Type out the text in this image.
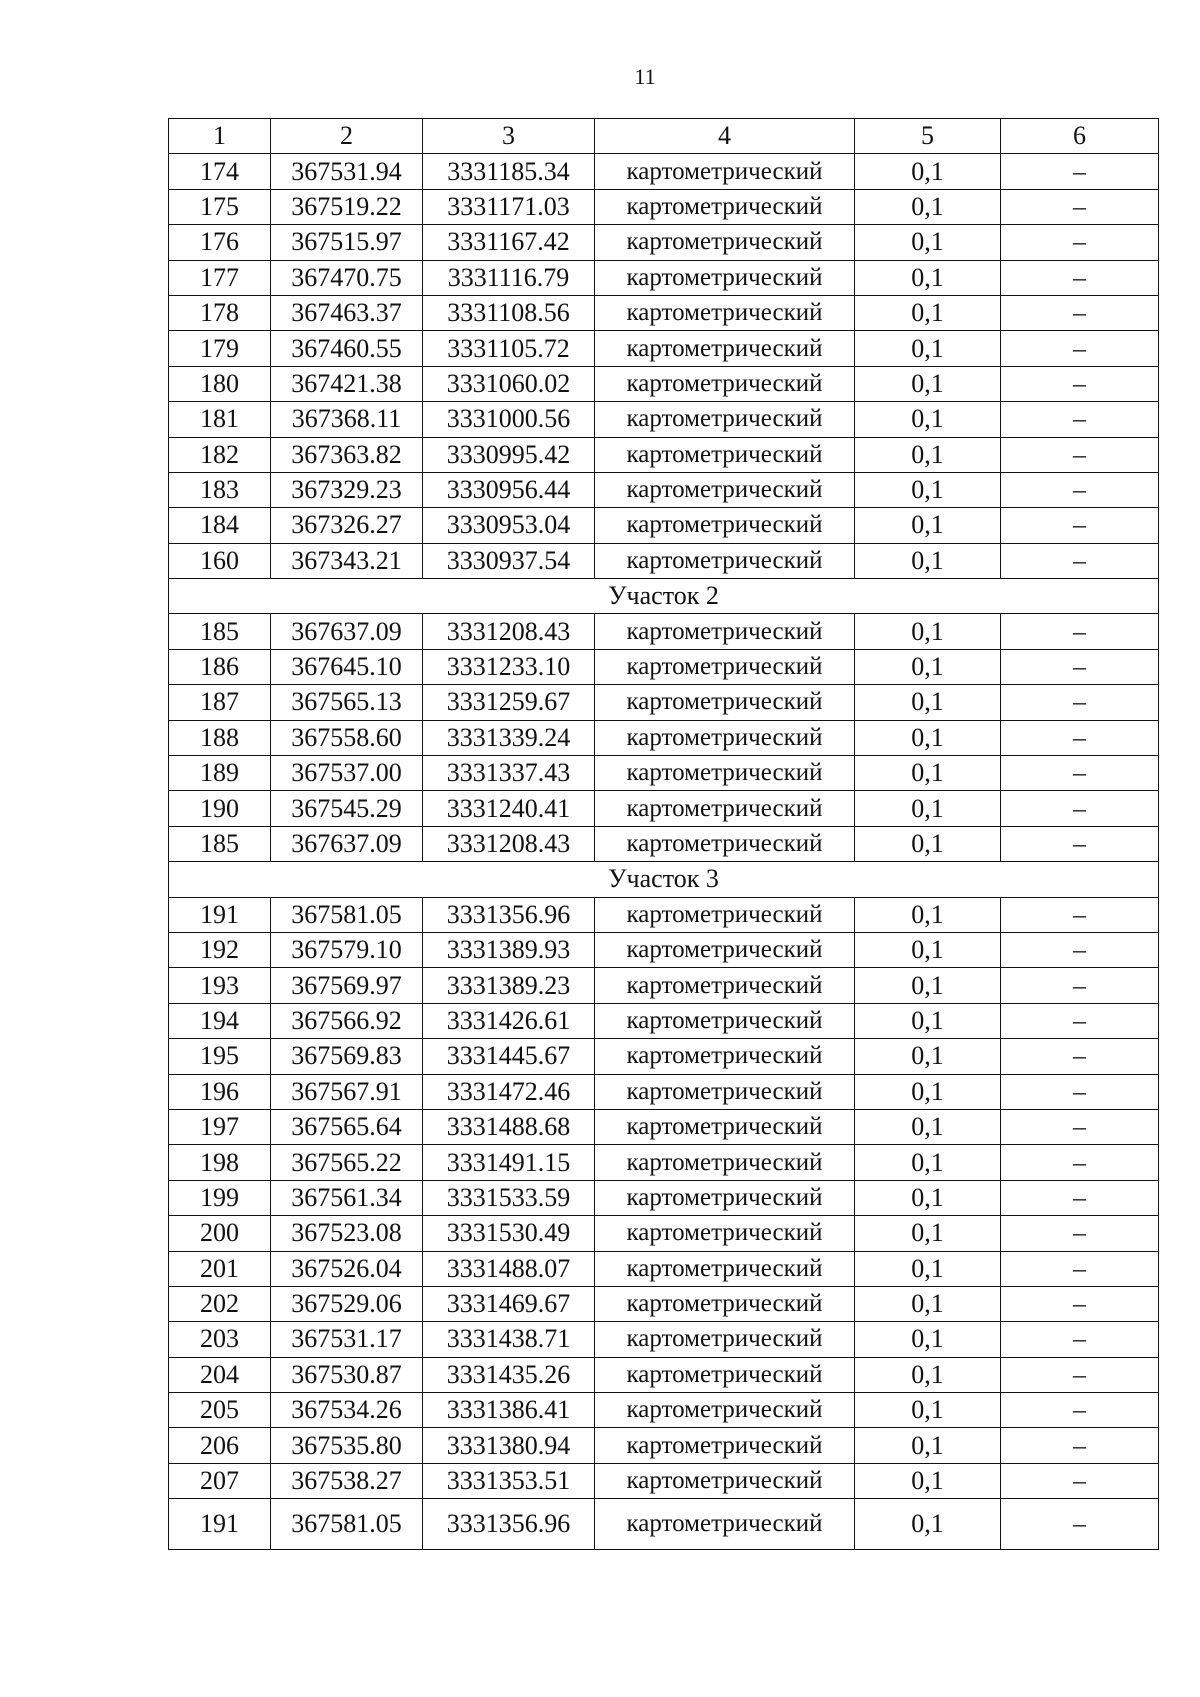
11
1	2	3	4	5	6
174	367531.94	3331185.34	картометрический	0,1	–
175	367519.22	3331171.03	картометрический	0,1	–
176	367515.97	3331167.42	картометрический	0,1	–
177	367470.75	3331116.79	картометрический	0,1	–
178	367463.37	3331108.56	картометрический	0,1	–
179	367460.55	3331105.72	картометрический	0,1	–
180	367421.38	3331060.02	картометрический	0,1	–
181	367368.11	3331000.56	картометрический	0,1	–
182	367363.82	3330995.42	картометрический	0,1	–
183	367329.23	3330956.44	картометрический	0,1	–
184	367326.27	3330953.04	картометрический	0,1	–
160	367343.21	3330937.54	картометрический	0,1	–
Участок 2					
185	367637.09	3331208.43	картометрический	0,1	–
186	367645.10	3331233.10	картометрический	0,1	–
187	367565.13	3331259.67	картометрический	0,1	–
188	367558.60	3331339.24	картометрический	0,1	–
189	367537.00	3331337.43	картометрический	0,1	–
190	367545.29	3331240.41	картометрический	0,1	–
185	367637.09	3331208.43	картометрический	0,1	–
Участок 3					
191	367581.05	3331356.96	картометрический	0,1	–
192	367579.10	3331389.93	картометрический	0,1	–
193	367569.97	3331389.23	картометрический	0,1	–
194	367566.92	3331426.61	картометрический	0,1	–
195	367569.83	3331445.67	картометрический	0,1	–
196	367567.91	3331472.46	картометрический	0,1	–
197	367565.64	3331488.68	картометрический	0,1	–
198	367565.22	3331491.15	картометрический	0,1	–
199	367561.34	3331533.59	картометрический	0,1	–
200	367523.08	3331530.49	картометрический	0,1	–
201	367526.04	3331488.07	картометрический	0,1	–
202	367529.06	3331469.67	картометрический	0,1	–
203	367531.17	3331438.71	картометрический	0,1	–
204	367530.87	3331435.26	картометрический	0,1	–
205	367534.26	3331386.41	картометрический	0,1	–
206	367535.80	3331380.94	картометрический	0,1	–
207	367538.27	3331353.51	картометрический	0,1	–
191	367581.05	3331356.96	картометрический	0,1	–
